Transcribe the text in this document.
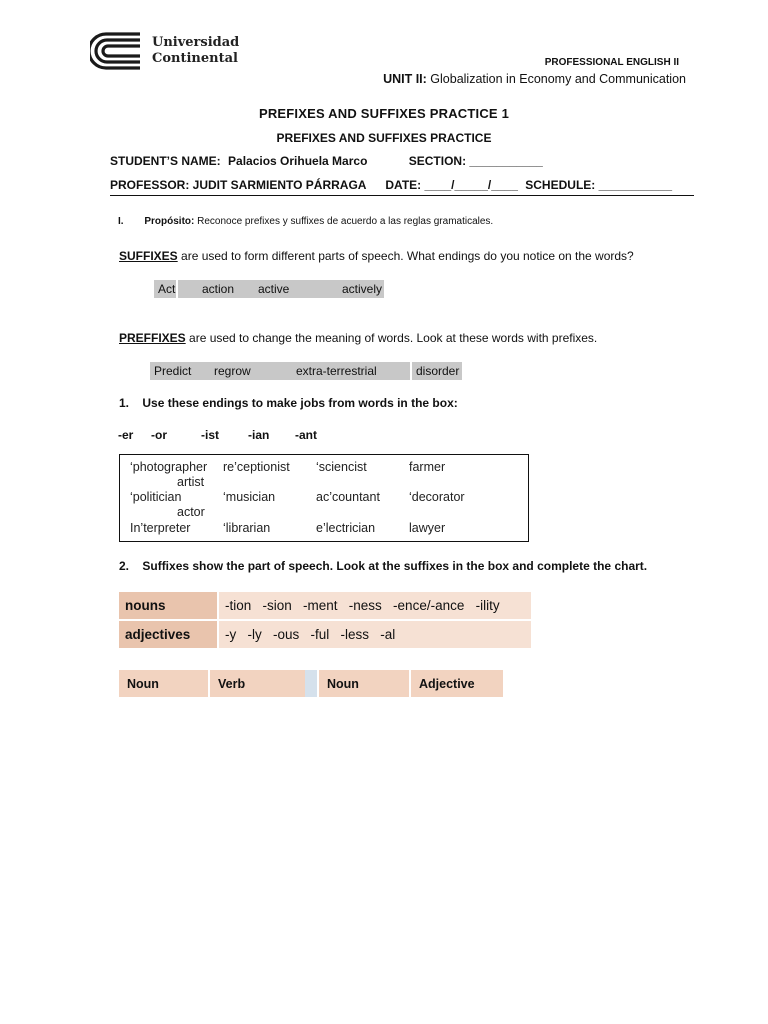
Universidad
Continental	PROFESSIONAL ENGLISH II
UNIT II: Globalization in Economy and Communication
PREFIXES AND SUFFIXES PRACTICE 1
PREFIXES AND SUFFIXES PRACTICE
STUDENT’S NAME: Palacios Orihuela Marco	SECTION: ___________
PROFESSOR: JUDIT SARMIENTO PÁRRAGA DATE: ____/_____/____ SCHEDULE: ___________
I. Propósito: Reconoce prefixes y suffixes de acuerdo a las reglas gramaticales.
SUFFIXES are used to form different parts of speech. What endings do you notice on the words?
Act	action	active	actively
PREFFIXES are used to change the meaning of words. Look at these words with prefixes.
Predict	regrow	extra-terrestrial	disorder
1. Use these endings to make jobs from words in the box:
-er -or	-ist -ian -ant
‘photographer re’ceptionist ‘sciencist	farmer
artist
‘politician	‘musician	ac’countant ‘decorator
actor
In’terpreter	‘librarian	e’lectrician	lawyer
2. Suffixes show the part of speech. Look at the suffixes in the box and complete the chart.
nouns	-tion   -sion   -ment   -ness   -ence/-ance   -ility
adjectives	-y   -ly   -ous   -ful   -less   -al
Noun	Verb	Noun	Adjective
